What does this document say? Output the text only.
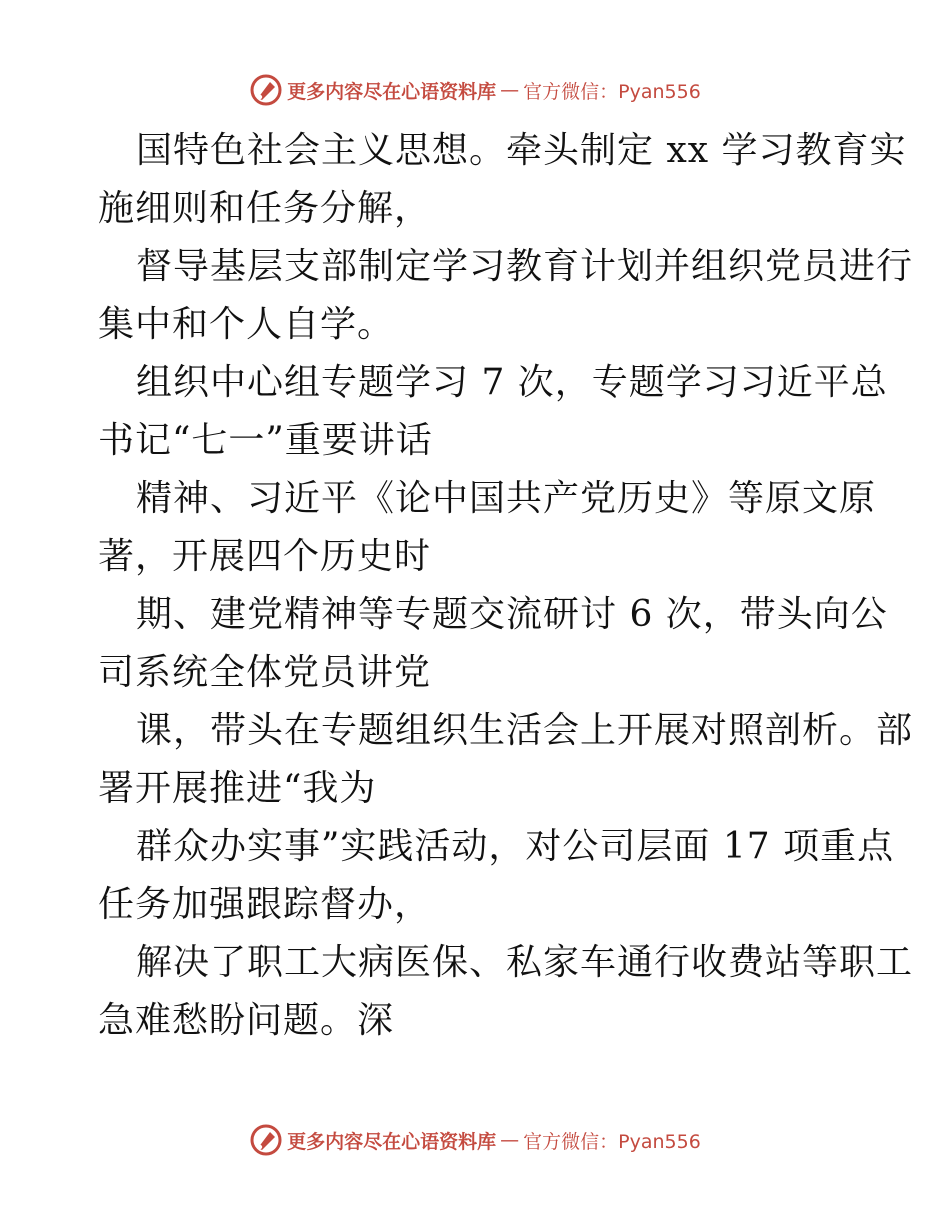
更多内容尽在心语资料库 — 官方微信：Pyan556
国特色社会主义思想。牵头制定 xx 学习教育实
施细则和任务分解，
督导基层支部制定学习教育计划并组织党员进行
集中和个人自学。
组织中心组专题学习 7 次，专题学习习近平总
书记“七一”重要讲话
精神、习近平《论中国共产党历史》等原文原
著，开展四个历史时
期、建党精神等专题交流研讨 6 次，带头向公
司系统全体党员讲党
课，带头在专题组织生活会上开展对照剖析。部
署开展推进“我为
群众办实事”实践活动，对公司层面 17 项重点
任务加强跟踪督办，
解决了职工大病医保、私家车通行收费站等职工
急难愁盼问题。深
更多内容尽在心语资料库 — 官方微信：Pyan556
